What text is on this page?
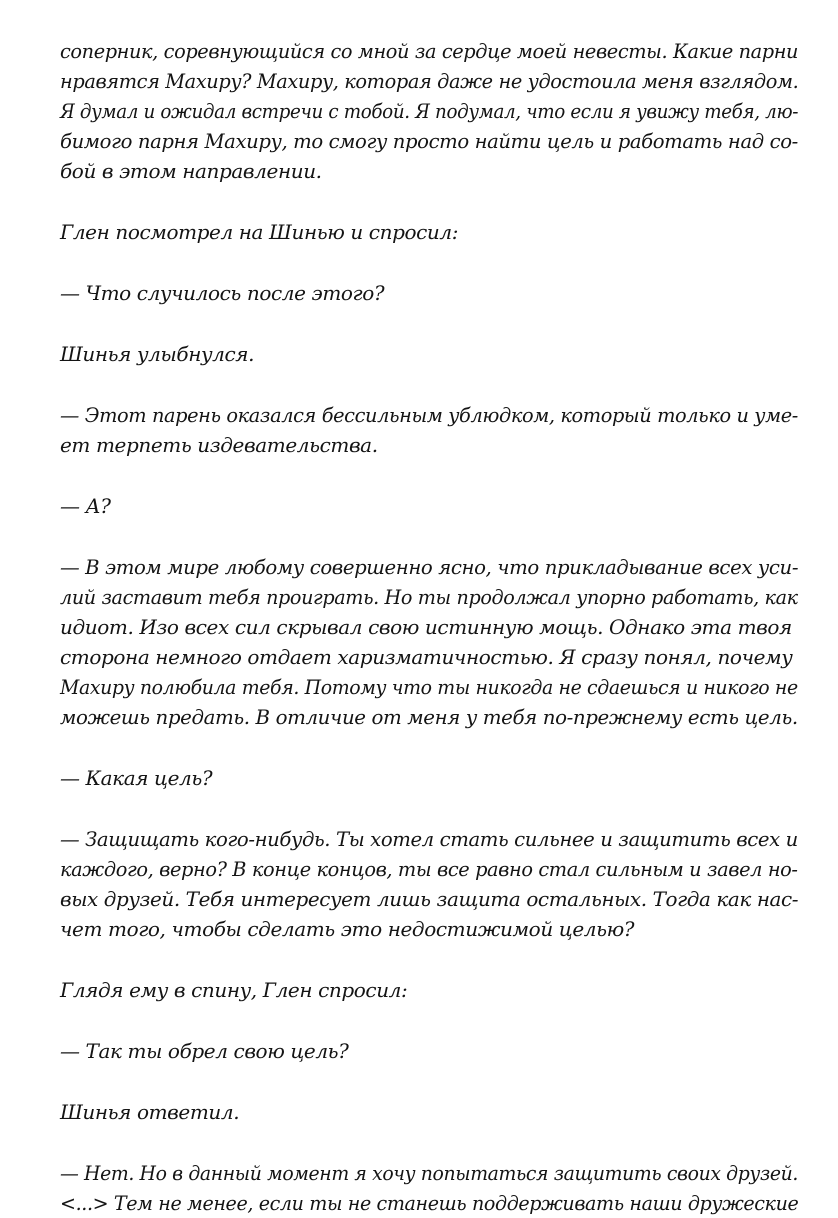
соперник, соревнующийся со мной за сердце моей невесты. Какие парни
нравятся Махиру? Махиру, которая даже не удостоила меня взглядом.
Я думал и ожидал встречи с тобой. Я подумал, что если я увижу тебя, лю-
бимого парня Махиру, то смогу просто найти цель и работать над со-
бой в этом направлении.

Глен посмотрел на Шинью и спросил:

— Что случилось после этого?

Шинья улыбнулся.

— Этот парень оказался бессильным ублюдком, который только и уме-
ет терпеть издевательства.

— А?

— В этом мире любому совершенно ясно, что прикладывание всех уси-
лий заставит тебя проиграть. Но ты продолжал упорно работать, как
идиот. Изо всех сил скрывал свою истинную мощь. Однако эта твоя
сторона немного отдает харизматичностью. Я сразу понял, почему
Махиру полюбила тебя. Потому что ты никогда не сдаешься и никого не
можешь предать. В отличие от меня у тебя по-прежнему есть цель.

— Какая цель?

— Защищать кого-нибудь. Ты хотел стать сильнее и защитить всех и
каждого, верно? В конце концов, ты все равно стал сильным и завел но-
вых друзей. Тебя интересует лишь защита остальных. Тогда как нас-
чет того, чтобы сделать это недостижимой целью?

Глядя ему в спину, Глен спросил:

— Так ты обрел свою цель?

Шинья ответил.

— Нет. Но в данный момент я хочу попытаться защитить своих друзей.
<...> Тем не менее, если ты не станешь поддерживать наши дружеские
